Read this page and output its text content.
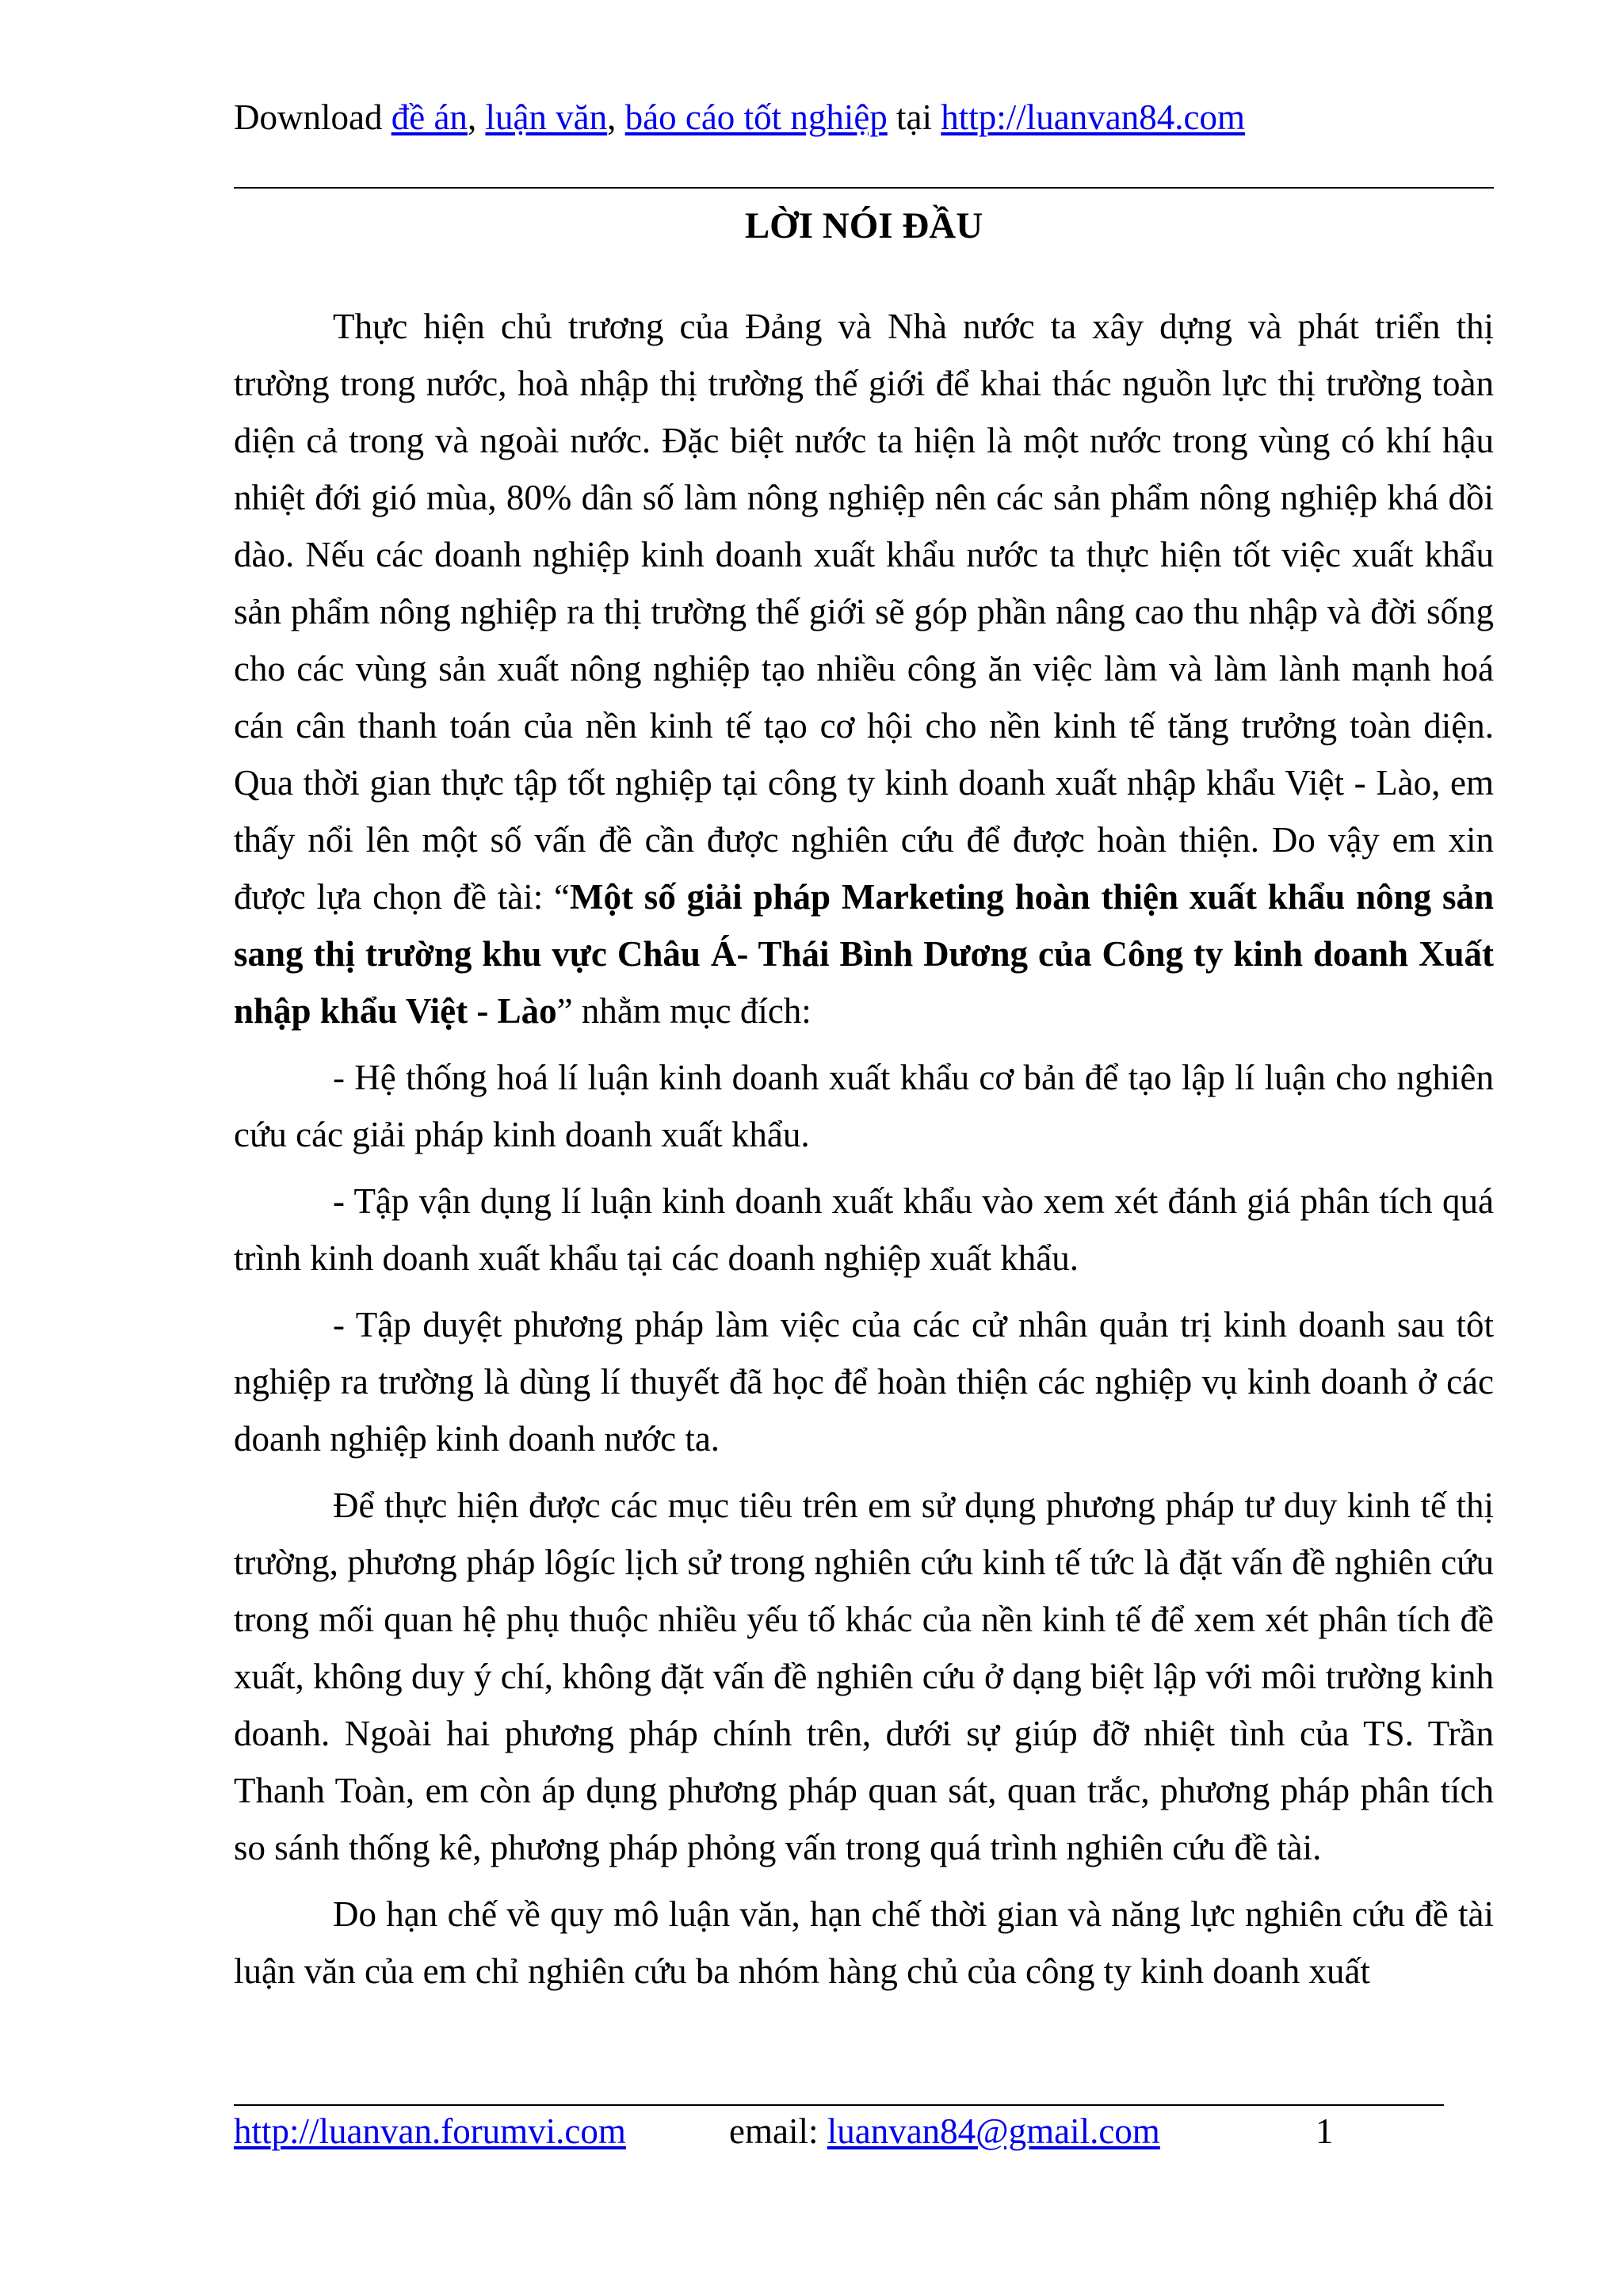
Download đề án, luận văn, báo cáo tốt nghiệp tại http://luanvan84.com
LỜI NÓI ĐẦU

Thực hiện chủ trương của Đảng và Nhà nước ta xây dựng và phát triển thị trường trong nước, hoà nhập thị trường thế giới để khai thác nguồn lực thị trường toàn diện cả trong và ngoài nước. Đặc biệt nước ta hiện là một nước trong vùng có khí hậu nhiệt đới gió mùa, 80% dân số làm nông nghiệp nên các sản phẩm nông nghiệp khá dồi dào. Nếu các doanh nghiệp kinh doanh xuất khẩu nước ta thực hiện tốt việc xuất khẩu sản phẩm nông nghiệp ra thị trường thế giới sẽ góp phần nâng cao thu nhập và đời sống cho các vùng sản xuất nông nghiệp tạo nhiều công ăn việc làm và làm lành mạnh hoá cán cân thanh toán của nền kinh tế tạo cơ hội cho nền kinh tế tăng trưởng toàn diện. Qua thời gian thực tập tốt nghiệp tại công ty kinh doanh xuất nhập khẩu Việt - Lào, em thấy nổi lên một số vấn đề cần được nghiên cứu để được hoàn thiện. Do vậy em xin được lựa chọn đề tài: “Một số giải pháp Marketing hoàn thiện xuất khẩu nông sản sang thị trường khu vực Châu Á- Thái Bình Dương của Công ty kinh doanh Xuất nhập khẩu Việt - Lào” nhằm mục đích:

- Hệ thống hoá lí luận kinh doanh xuất khẩu cơ bản để tạo lập lí luận cho nghiên cứu các giải pháp kinh doanh xuất khẩu.

- Tập vận dụng lí luận kinh doanh xuất khẩu vào xem xét đánh giá phân tích quá trình kinh doanh xuất khẩu tại các doanh nghiệp xuất khẩu.

- Tập duyệt phương pháp làm việc của các cử nhân quản trị kinh doanh sau tôt nghiệp ra trường là dùng lí thuyết đã học để hoàn thiện các nghiệp vụ kinh doanh ở các doanh nghiệp kinh doanh nước ta.

Để thực hiện được các mục tiêu trên em sử dụng phương pháp tư duy kinh tế thị trường, phương pháp lôgíc lịch sử trong nghiên cứu kinh tế tức là đặt vấn đề nghiên cứu trong mối quan hệ phụ thuộc nhiều yếu tố khác của nền kinh tế để xem xét phân tích đề xuất, không duy ý chí, không đặt vấn đề nghiên cứu ở dạng biệt lập với môi trường kinh doanh. Ngoài hai phương pháp chính trên, dưới sự giúp đỡ nhiệt tình của TS. Trần Thanh Toàn, em còn áp dụng phương pháp quan sát, quan trắc, phương pháp phân tích so sánh thống kê, phương pháp phỏng vấn trong quá trình nghiên cứu đề tài.

Do hạn chế về quy mô luận văn, hạn chế thời gian và năng lực nghiên cứu đề tài luận văn của em chỉ nghiên cứu ba nhóm hàng chủ của công ty kinh doanh xuất

http://luanvan.forumvi.com	email: luanvan84@gmail.com	1
